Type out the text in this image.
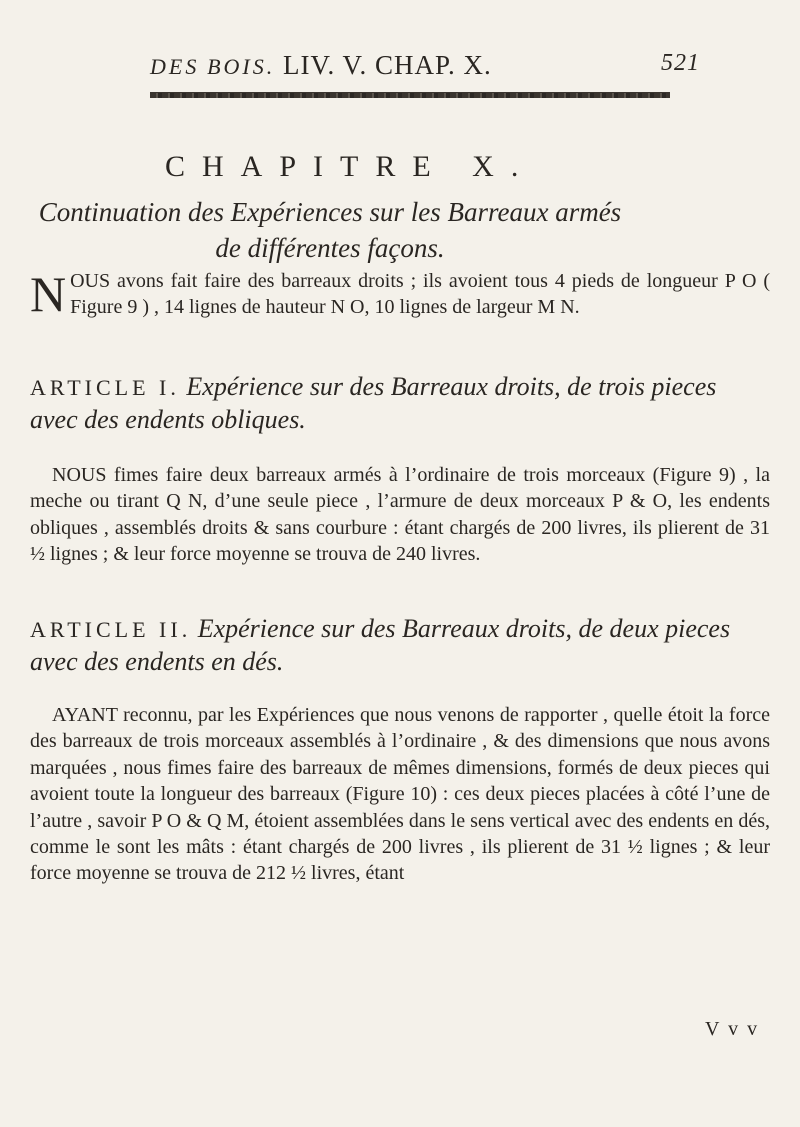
DES BOIS. LIV. V. CHAP. X.	521
CHAPITRE X.
Continuation des Expériences sur les Barreaux armés de différentes façons.
NOUS avons fait faire des barreaux droits ; ils avoient tous 4 pieds de longueur P O ( Figure 9 ) , 14 lignes de hauteur N O, 10 lignes de largeur M N.
ARTICLE I. Expérience sur des Barreaux droits, de trois pieces avec des endents obliques.
NOUS fimes faire deux barreaux armés à l’ordinaire de trois morceaux (Figure 9) , la meche ou tirant Q N, d’une seule piece , l’armure de deux morceaux P & O, les endents obliques , assemblés droits & sans courbure : étant chargés de 200 livres, ils plierent de 31 ½ lignes ; & leur force moyenne se trouva de 240 livres.
ARTICLE II. Expérience sur des Barreaux droits, de deux pieces avec des endents en dés.
AYANT reconnu, par les Expériences que nous venons de rapporter , quelle étoit la force des barreaux de trois morceaux assemblés à l’ordinaire , & des dimensions que nous avons marquées , nous fimes faire des barreaux de mêmes dimensions, formés de deux pieces qui avoient toute la longueur des barreaux (Figure 10) : ces deux pieces placées à côté l’une de l’autre , savoir P O & Q M, étoient assemblées dans le sens vertical avec des endents en dés, comme le sont les mâts : étant chargés de 200 livres , ils plierent de 31 ½ lignes ; & leur force moyenne se trouva de 212 ½ livres, étant
V v v
